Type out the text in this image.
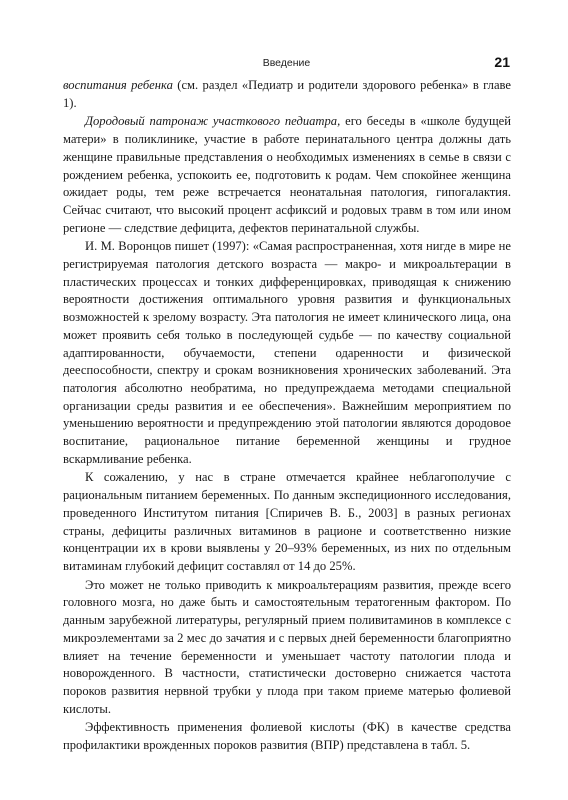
Введение	21

воспитания ребенка (см. раздел «Педиатр и родители здорового ребенка» в главе 1).

Дородовый патронаж участкового педиатра, его беседы в «школе будущей матери» в поликлинике, участие в работе перинатального центра должны дать женщине правильные представления о необходимых изменениях в семье в связи с рождением ребенка, успокоить ее, подготовить к родам. Чем спокойнее женщина ожидает роды, тем реже встречается неонатальная патология, гипогалактия. Сейчас считают, что высокий процент асфиксий и родовых травм в том или ином регионе — следствие дефицита, дефектов перинатальной службы.

И. М. Воронцов пишет (1997): «Самая распространенная, хотя нигде в мире не регистрируемая патология детского возраста — макро- и микроальтерации в пластических процессах и тонких дифференцировках, приводящая к снижению вероятности достижения оптимального уровня развития и функциональных возможностей к зрелому возрасту. Эта патология не имеет клинического лица, она может проявить себя только в последующей судьбе — по качеству социальной адаптированности, обучаемости, степени одаренности и физической дееспособности, спектру и срокам возникновения хронических заболеваний. Эта патология абсолютно необратима, но предупреждаема методами специальной организации среды развития и ее обеспечения». Важнейшим мероприятием по уменьшению вероятности и предупреждению этой патологии являются дородовое воспитание, рациональное питание беременной женщины и грудное вскармливание ребенка.

К сожалению, у нас в стране отмечается крайнее неблагополучие с рациональным питанием беременных. По данным экспедиционного исследования, проведенного Институтом питания [Спиричев В. Б., 2003] в разных регионах страны, дефициты различных витаминов в рационе и соответственно низкие концентрации их в крови выявлены у 20–93% беременных, из них по отдельным витаминам глубокий дефицит составлял от 14 до 25%.

Это может не только приводить к микроальтерациям развития, прежде всего головного мозга, но даже быть и самостоятельным тератогенным фактором. По данным зарубежной литературы, регулярный прием поливитаминов в комплексе с микроэлементами за 2 мес до зачатия и с первых дней беременности благоприятно влияет на течение беременности и уменьшает частоту патологии плода и новорожденного. В частности, статистически достоверно снижается частота пороков развития нервной трубки у плода при таком приеме матерью фолиевой кислоты.

Эффективность применения фолиевой кислоты (ФК) в качестве средства профилактики врожденных пороков развития (ВПР) представлена в табл. 5.
